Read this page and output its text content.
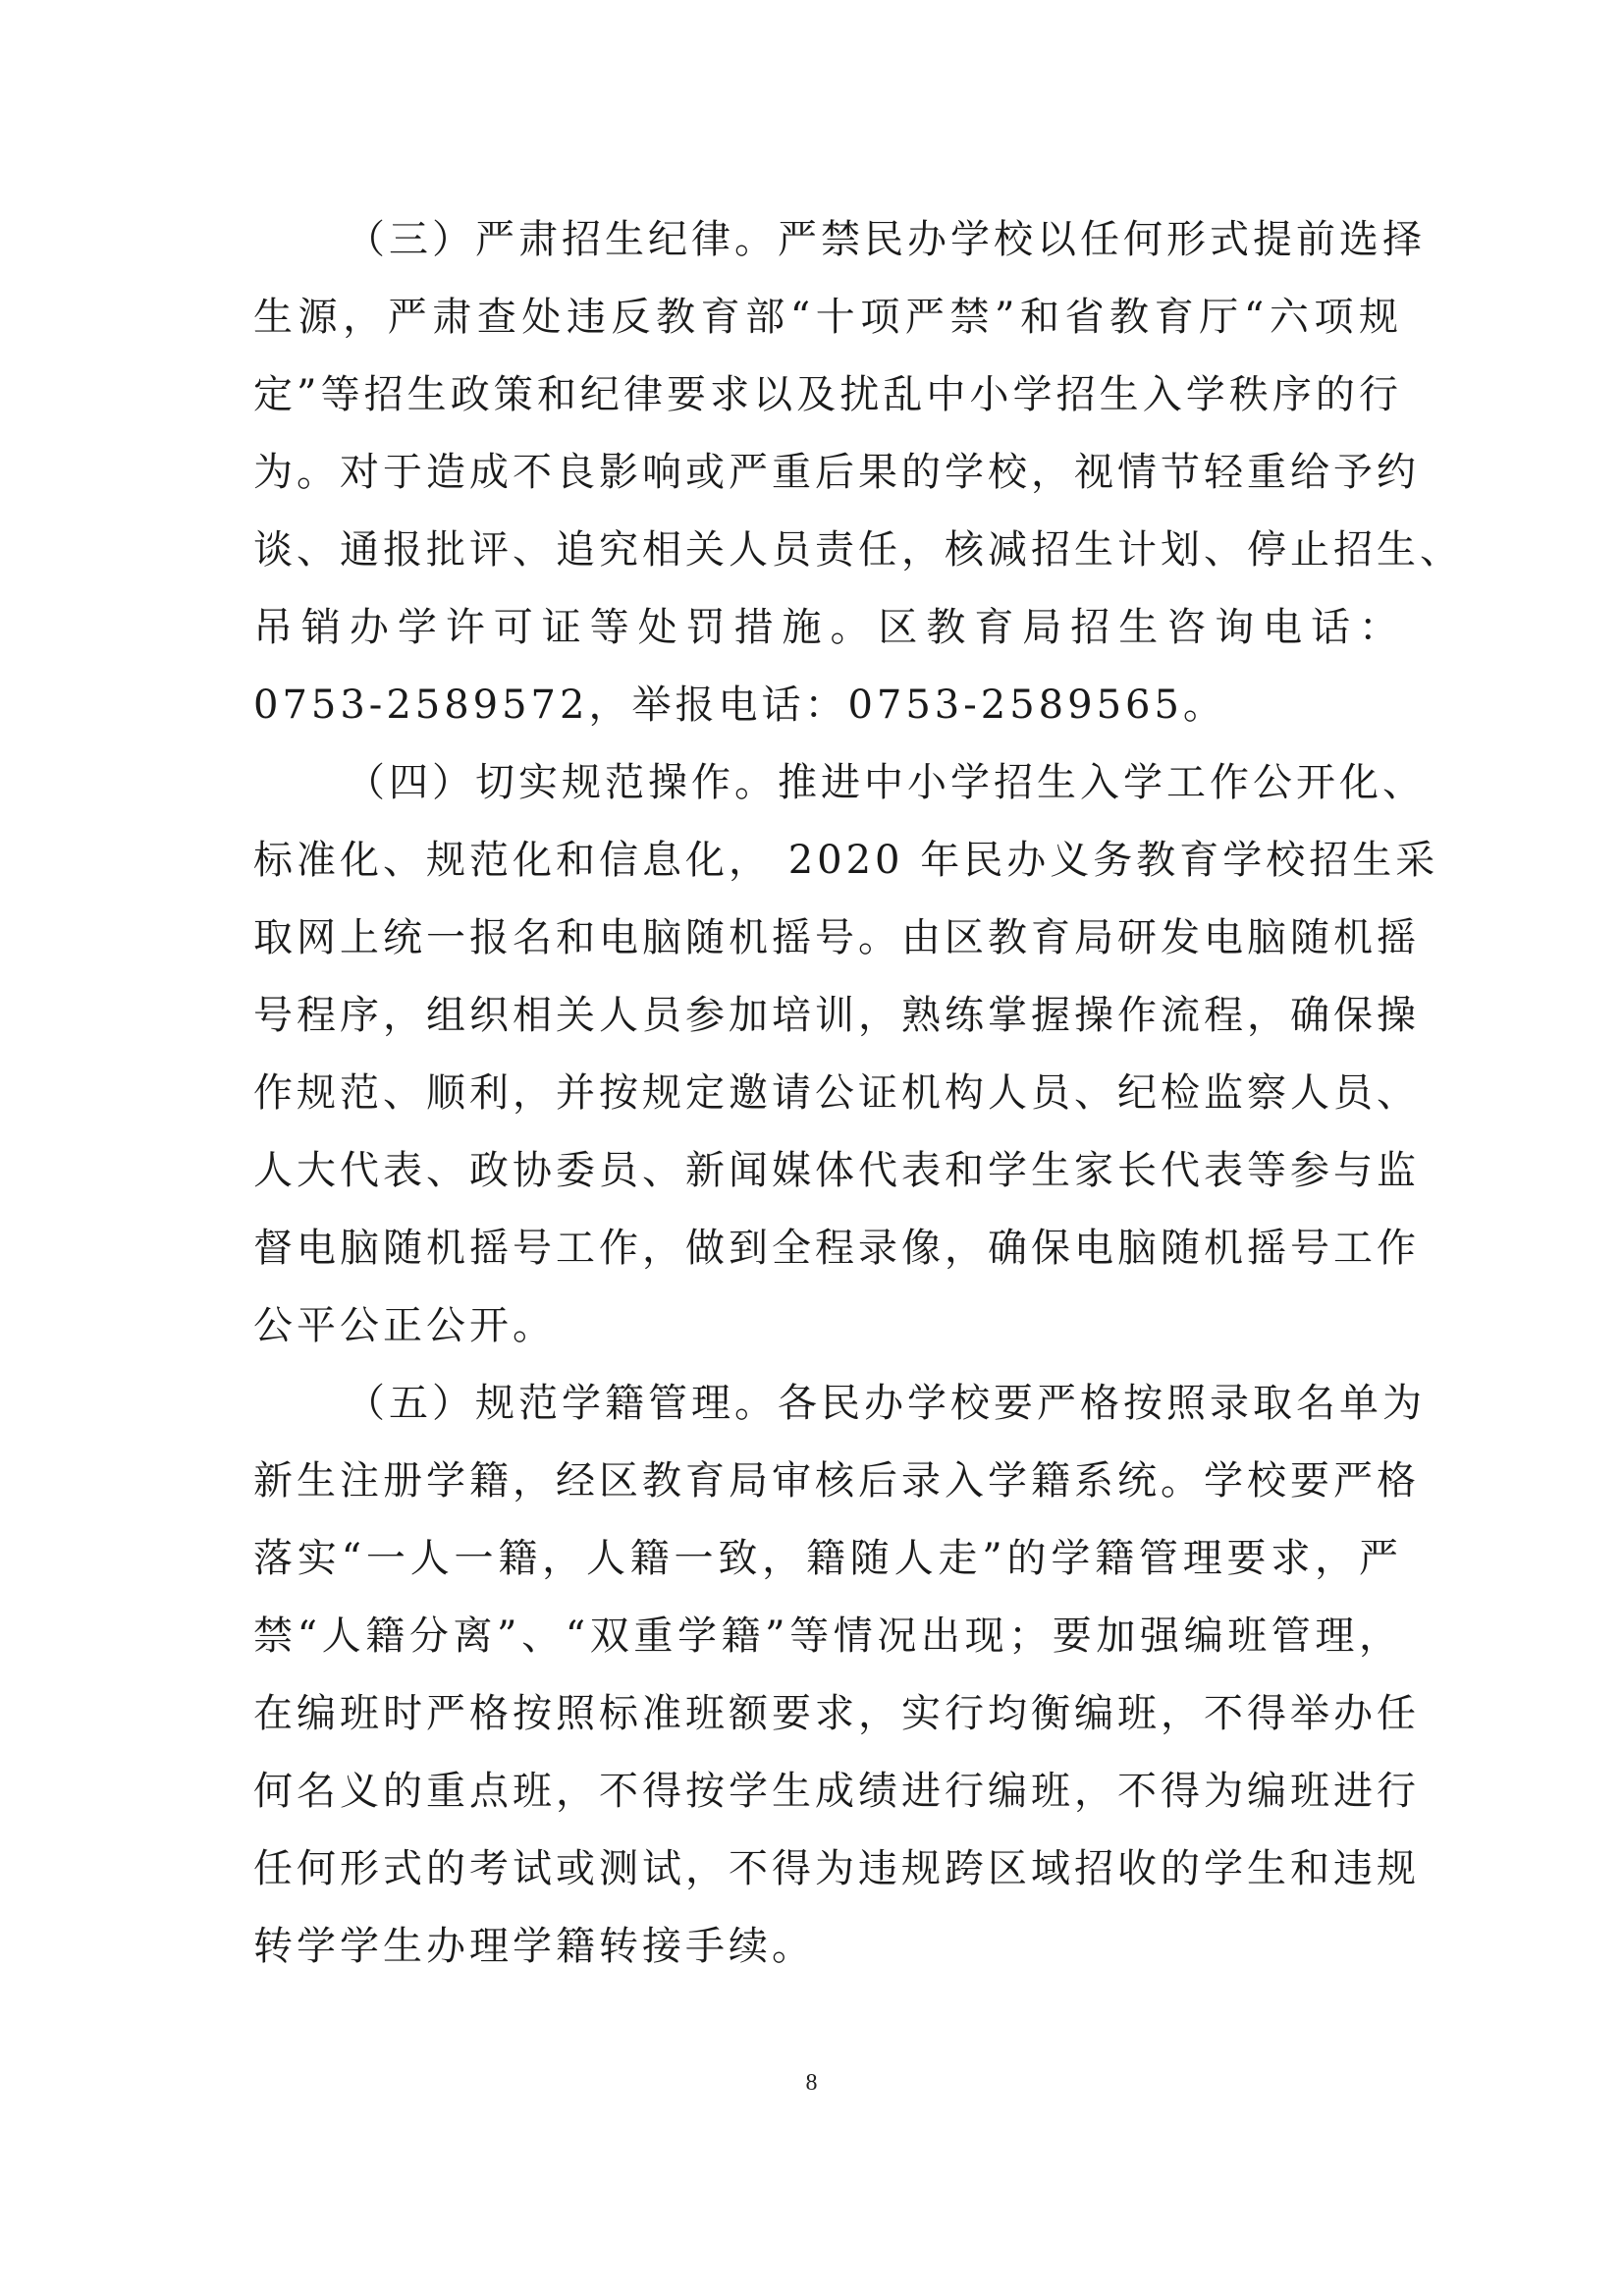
（三）严肃招生纪律。严禁民办学校以任何形式提前选择
生源，严肃查处违反教育部“十项严禁”和省教育厅“六项规
定”等招生政策和纪律要求以及扰乱中小学招生入学秩序的行
为。对于造成不良影响或严重后果的学校，视情节轻重给予约
谈、通报批评、追究相关人员责任，核减招生计划、停止招生、
吊销办学许可证等处罚措施。区教育局招生咨询电话：
0753-2589572，举报电话：0753-2589565。
（四）切实规范操作。推进中小学招生入学工作公开化、
标准化、规范化和信息化， 2020 年民办义务教育学校招生采
取网上统一报名和电脑随机摇号。由区教育局研发电脑随机摇
号程序，组织相关人员参加培训，熟练掌握操作流程，确保操
作规范、顺利，并按规定邀请公证机构人员、纪检监察人员、
人大代表、政协委员、新闻媒体代表和学生家长代表等参与监
督电脑随机摇号工作，做到全程录像，确保电脑随机摇号工作
公平公正公开。
（五）规范学籍管理。各民办学校要严格按照录取名单为
新生注册学籍，经区教育局审核后录入学籍系统。学校要严格
落实“一人一籍，人籍一致，籍随人走”的学籍管理要求，严
禁“人籍分离”、“双重学籍”等情况出现；要加强编班管理，
在编班时严格按照标准班额要求，实行均衡编班，不得举办任
何名义的重点班，不得按学生成绩进行编班，不得为编班进行
任何形式的考试或测试，不得为违规跨区域招收的学生和违规
转学学生办理学籍转接手续。
8
